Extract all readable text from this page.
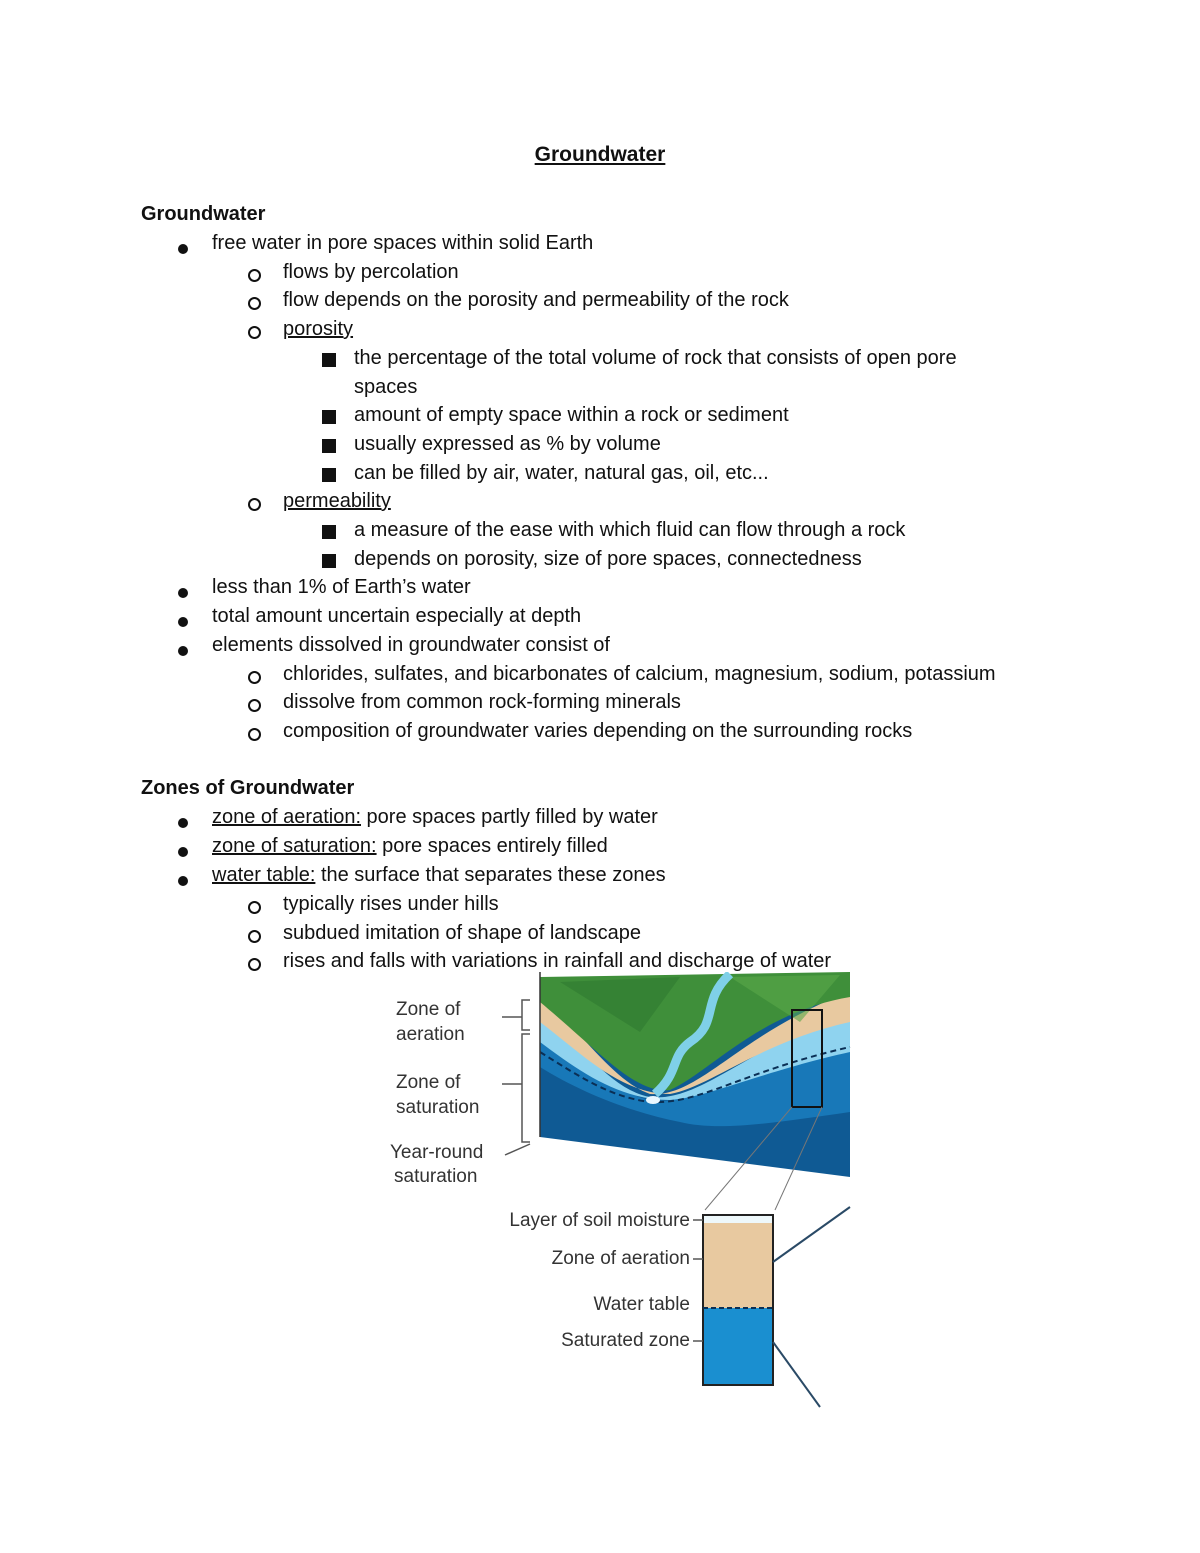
Groundwater
Groundwater
free water in pore spaces within solid Earth
flows by percolation
flow depends on the porosity and permeability of the rock
porosity
the percentage of the total volume of rock that consists of open pore
spaces
amount of empty space within a rock or sediment
usually expressed as % by volume
can be filled by air, water, natural gas, oil, etc...
permeability
a measure of the ease with which fluid can flow through a rock
depends on porosity, size of pore spaces, connectedness
less than 1% of Earth’s water
total amount uncertain especially at depth
elements dissolved in groundwater consist of
chlorides, sulfates, and bicarbonates of calcium, magnesium, sodium, potassium
dissolve from common rock-forming minerals
composition of groundwater varies depending on the surrounding rocks
Zones of Groundwater
zone of aeration: pore spaces partly filled by water
zone of saturation: pore spaces entirely filled
water table: the surface that separates these zones
typically rises under hills
subdued imitation of shape of landscape
rises and falls with variations in rainfall and discharge of water
Zone of
aeration
Zone of
saturation
Year-round
saturation
Layer of soil moisture
Zone of aeration
Water table
Saturated zone
